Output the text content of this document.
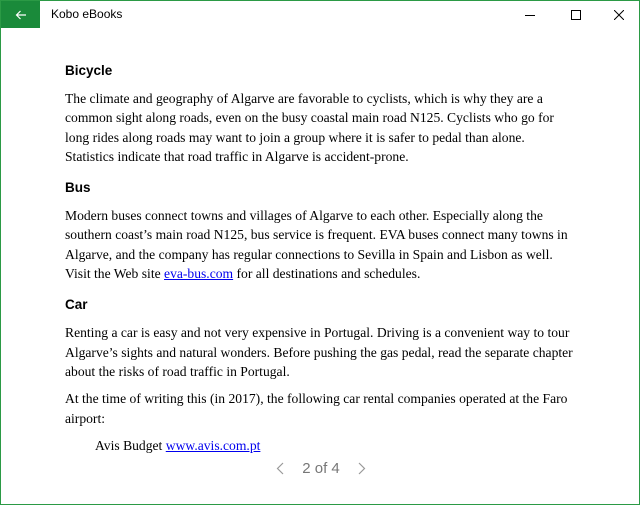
Kobo eBooks
Bicycle

The climate and geography of Algarve are favorable to cyclists, which is why they are a common sight along roads, even on the busy coastal main road N125. Cyclists who go for long rides along roads may want to join a group where it is safer to pedal than alone. Statistics indicate that road traffic in Algarve is accident-prone.

Bus

Modern buses connect towns and villages of Algarve to each other. Especially along the southern coast’s main road N125, bus service is frequent. EVA buses connect many towns in Algarve, and the company has regular connections to Sevilla in Spain and Lisbon as well. Visit the Web site eva-bus.com for all destinations and schedules.

Car

Renting a car is easy and not very expensive in Portugal. Driving is a convenient way to tour Algarve’s sights and natural wonders. Before pushing the gas pedal, read the separate chapter about the risks of road traffic in Portugal.

At the time of writing this (in 2017), the following car rental companies operated at the Faro airport:

Avis Budget www.avis.com.pt

2 of 4
